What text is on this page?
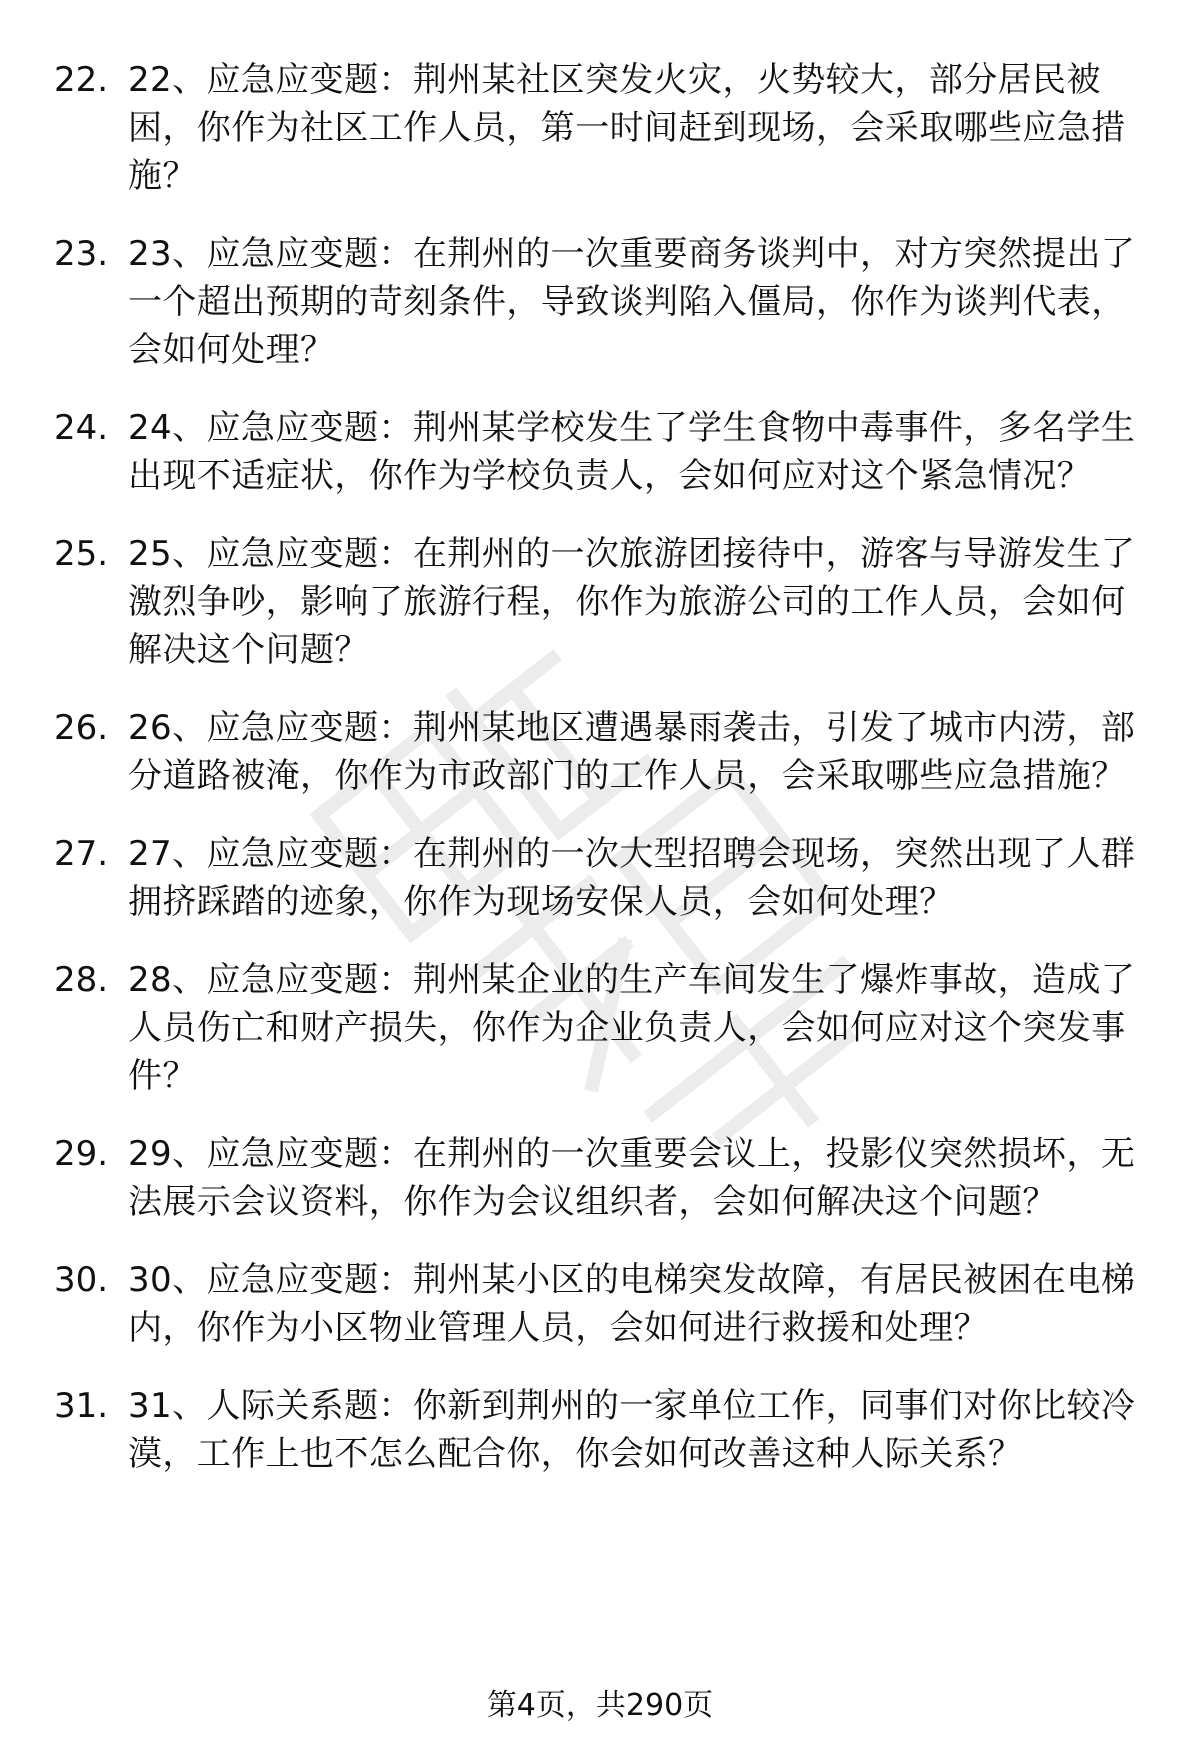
22. 22、应急应变题：荆州某社区突发火灾，火势较大，部分居民被困，你作为社区工作人员，第一时间赶到现场，会采取哪些应急措施？
23. 23、应急应变题：在荆州的一次重要商务谈判中，对方突然提出了一个超出预期的苛刻条件，导致谈判陷入僵局，你作为谈判代表，会如何处理？
24. 24、应急应变题：荆州某学校发生了学生食物中毒事件，多名学生出现不适症状，你作为学校负责人，会如何应对这个紧急情况？
25. 25、应急应变题：在荆州的一次旅游团接待中，游客与导游发生了激烈争吵，影响了旅游行程，你作为旅游公司的工作人员，会如何解决这个问题？
26. 26、应急应变题：荆州某地区遭遇暴雨袭击，引发了城市内涝，部分道路被淹，你作为市政部门的工作人员，会采取哪些应急措施？
27. 27、应急应变题：在荆州的一次大型招聘会现场，突然出现了人群拥挤踩踏的迹象，你作为现场安保人员，会如何处理？
28. 28、应急应变题：荆州某企业的生产车间发生了爆炸事故，造成了人员伤亡和财产损失，你作为企业负责人，会如何应对这个突发事件？
29. 29、应急应变题：在荆州的一次重要会议上，投影仪突然损坏，无法展示会议资料，你作为会议组织者，会如何解决这个问题？
30. 30、应急应变题：荆州某小区的电梯突发故障，有居民被困在电梯内，你作为小区物业管理人员，会如何进行救援和处理？
31. 31、人际关系题：你新到荆州的一家单位工作，同事们对你比较冷漠，工作上也不怎么配合你，你会如何改善这种人际关系？
第4页，共290页
